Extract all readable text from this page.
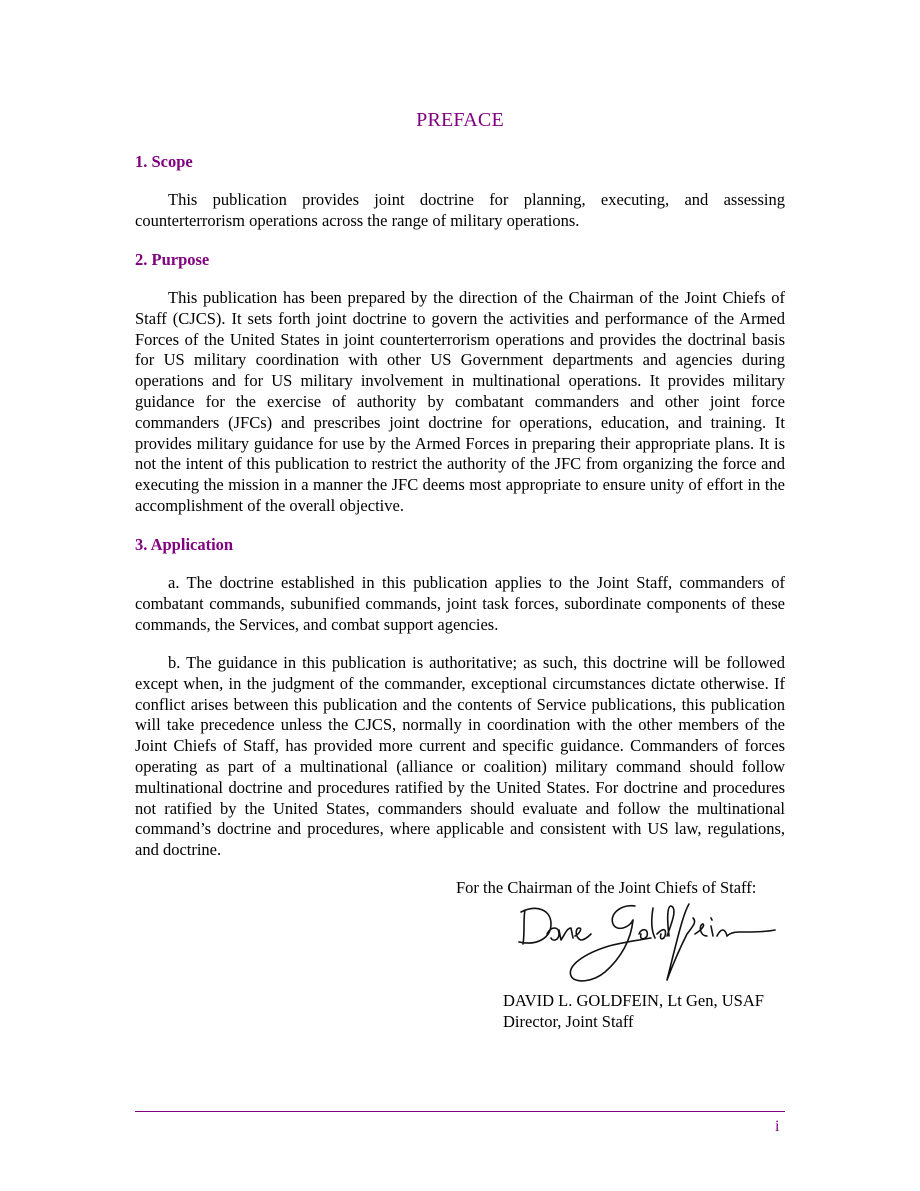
PREFACE
1. Scope
This publication provides joint doctrine for planning, executing, and assessing counterterrorism operations across the range of military operations.
2. Purpose
This publication has been prepared by the direction of the Chairman of the Joint Chiefs of Staff (CJCS). It sets forth joint doctrine to govern the activities and performance of the Armed Forces of the United States in joint counterterrorism operations and provides the doctrinal basis for US military coordination with other US Government departments and agencies during operations and for US military involvement in multinational operations. It provides military guidance for the exercise of authority by combatant commanders and other joint force commanders (JFCs) and prescribes joint doctrine for operations, education, and training. It provides military guidance for use by the Armed Forces in preparing their appropriate plans. It is not the intent of this publication to restrict the authority of the JFC from organizing the force and executing the mission in a manner the JFC deems most appropriate to ensure unity of effort in the accomplishment of the overall objective.
3. Application
a. The doctrine established in this publication applies to the Joint Staff, commanders of combatant commands, subunified commands, joint task forces, subordinate components of these commands, the Services, and combat support agencies.
b. The guidance in this publication is authoritative; as such, this doctrine will be followed except when, in the judgment of the commander, exceptional circumstances dictate otherwise. If conflict arises between this publication and the contents of Service publications, this publication will take precedence unless the CJCS, normally in coordination with the other members of the Joint Chiefs of Staff, has provided more current and specific guidance. Commanders of forces operating as part of a multinational (alliance or coalition) military command should follow multinational doctrine and procedures ratified by the United States. For doctrine and procedures not ratified by the United States, commanders should evaluate and follow the multinational command’s doctrine and procedures, where applicable and consistent with US law, regulations, and doctrine.
For the Chairman of the Joint Chiefs of Staff:
DAVID L. GOLDFEIN, Lt Gen, USAF
Director, Joint Staff
i
